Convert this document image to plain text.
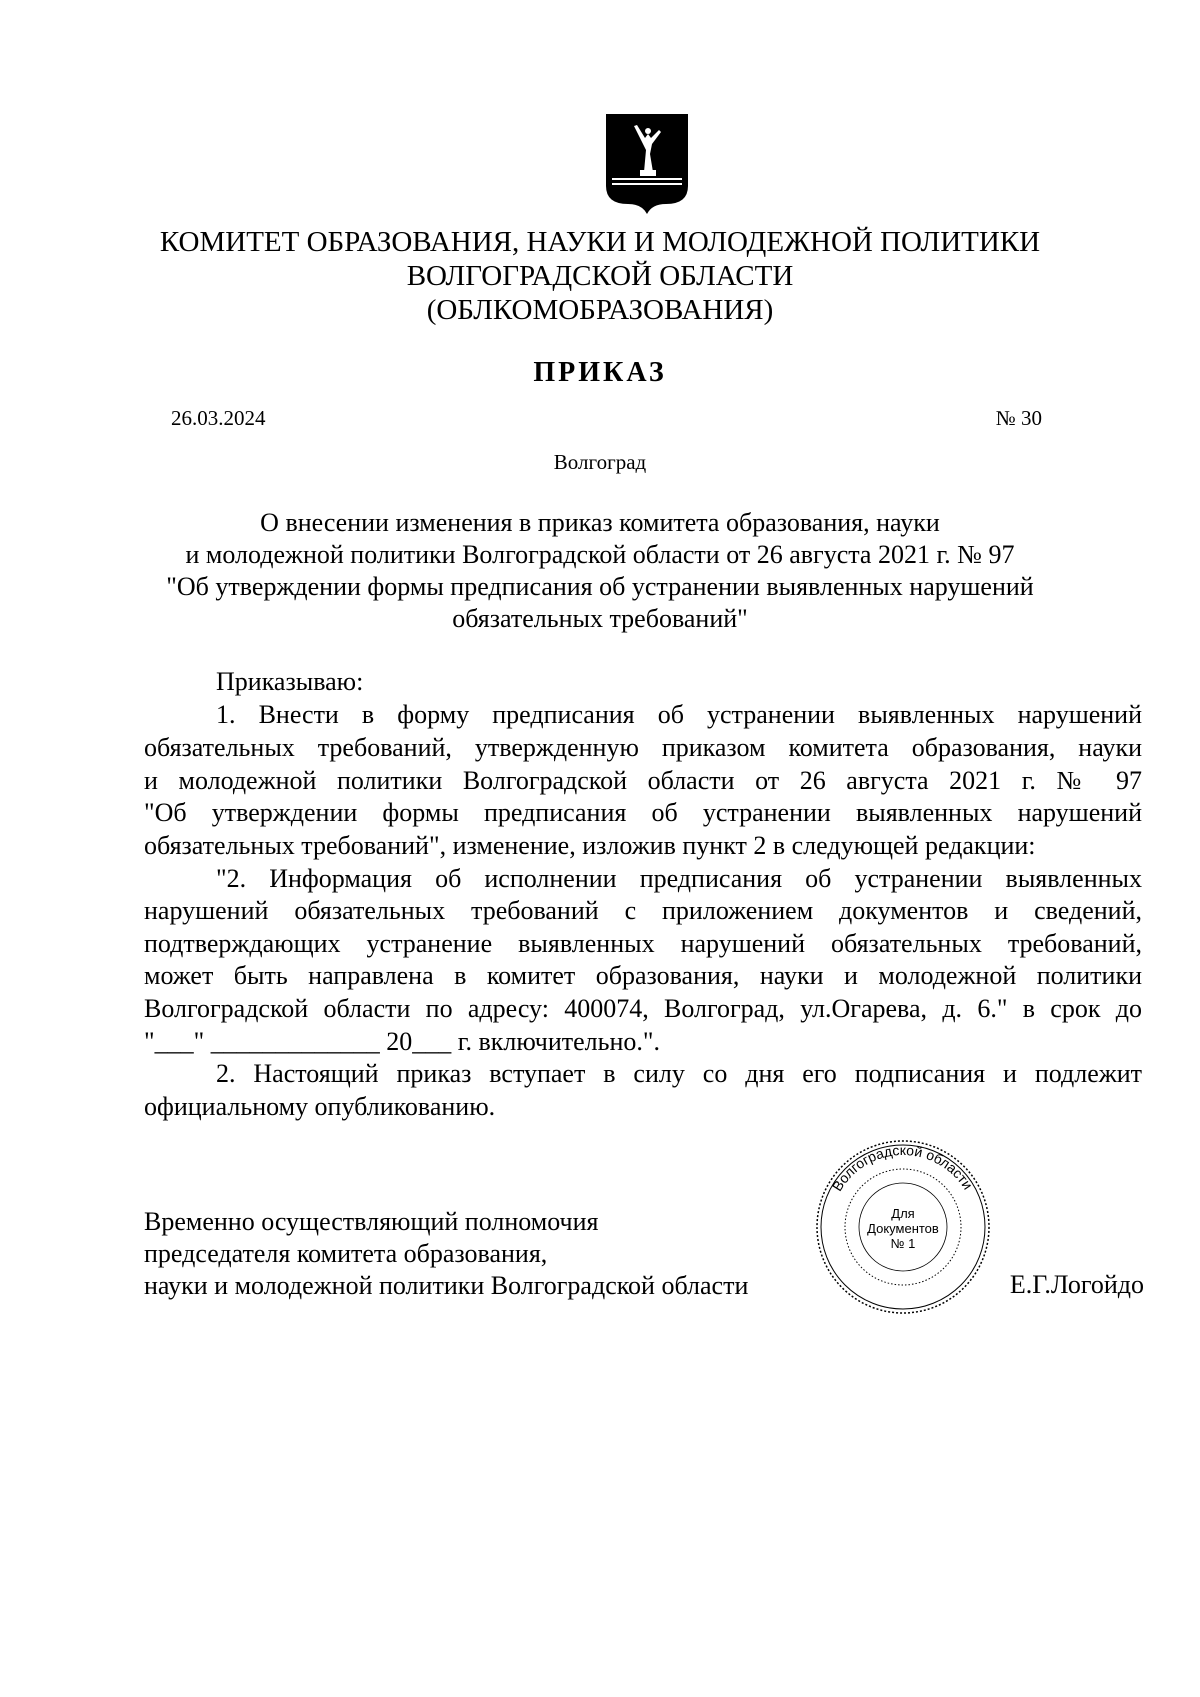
КОМИТЕТ ОБРАЗОВАНИЯ, НАУКИ И МОЛОДЕЖНОЙ ПОЛИТИКИ
ВОЛГОГРАДСКОЙ ОБЛАСТИ
(ОБЛКОМОБРАЗОВАНИЯ)
ПРИКАЗ
26.03.2024	№ 30
Волгоград
О внесении изменения в приказ комитета образования, науки
и молодежной политики Волгоградской области от 26 августа 2021 г. № 97
"Об утверждении формы предписания об устранении выявленных нарушений
обязательных требований"
Приказываю:
1. Внести в форму предписания об устранении выявленных нарушений
обязательных требований, утвержденную приказом комитета образования, науки
и молодежной политики Волгоградской области от 26 августа 2021 г. № 97
"Об утверждении формы предписания об устранении выявленных нарушений
обязательных требований", изменение, изложив пункт 2 в следующей редакции:
"2. Информация об исполнении предписания об устранении выявленных
нарушений обязательных требований с приложением документов и сведений,
подтверждающих устранение выявленных нарушений обязательных требований,
может быть направлена в комитет образования, науки и молодежной политики
Волгоградской области по адресу: 400074, Волгоград, ул.Огарева, д. 6." в срок до
"___" _____________ 20___ г. включительно.".
2. Настоящий приказ вступает в силу со дня его подписания и подлежит
официальному опубликованию.
Временно осуществляющий полномочия
председателя комитета образования,
науки и молодежной политики Волгоградской области	Е.Г.Логойдо
Волгоградской области
Для
Документов
№ 1
